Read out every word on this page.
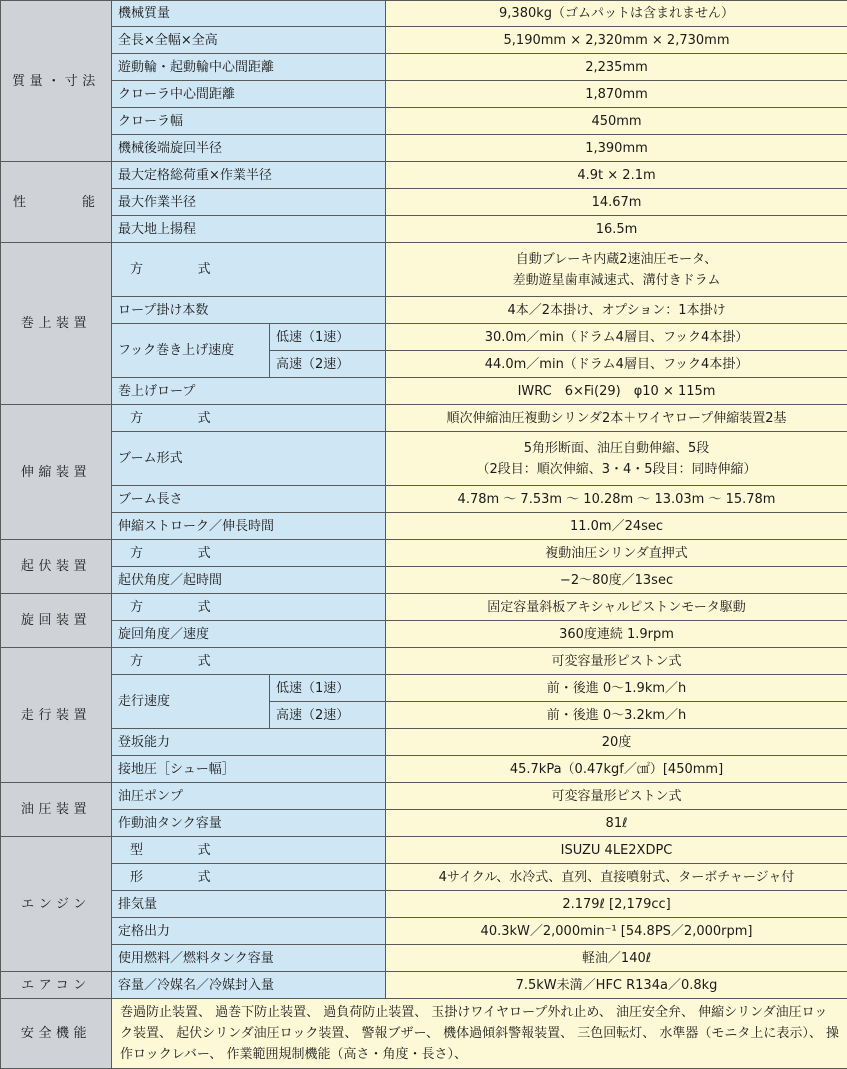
質量・寸法	機械質量		9,380kg（ゴムパットは含まれません）
	全長×全幅×全高		5,190mm × 2,320mm × 2,730mm
	遊動輪・起動輪中心間距離		2,235mm
	クローラ中心間距離		1,870mm
	クローラ幅		450mm
	機械後端旋回半径		1,390mm
性　能	最大定格総荷重×作業半径		4.9t × 2.1m
	最大作業半径		14.67m
	最大地上揚程		16.5m
巻上装置	方　式		自動ブレーキ内蔵2速油圧モータ、
差動遊星歯車減速式、溝付きドラム

	ロープ掛け本数		4本／2本掛け、オプション：1本掛け
	フック巻き上げ速度	低速（1速）	30.0m／min（ドラム4層目、フック4本掛）
		高速（2速）	44.0m／min（ドラム4層目、フック4本掛）
	巻上げロープ		IWRC　6×Fi(29)　φ10 × 115m
伸縮装置	方　式		順次伸縮油圧複動シリンダ2本＋ワイヤロープ伸縮装置2基
	ブーム形式		5角形断面、油圧自動伸縮、5段
（2段目：順次伸縮、3・4・5段目：同時伸縮）

	ブーム長さ		4.78m 〜 7.53m 〜 10.28m 〜 13.03m 〜 15.78m
	伸縮ストローク／伸長時間		11.0m／24sec
起伏装置	方　式		複動油圧シリンダ直押式
	起伏角度／起時間		−2〜80度／13sec
旋回装置	方　式		固定容量斜板アキシャルピストンモータ駆動
	旋回角度／速度		360度連続 1.9rpm
走行装置	方　式		可変容量形ピストン式
	走行速度	低速（1速）	前・後進 0〜1.9km／h
		高速（2速）	前・後進 0〜3.2km／h
	登坂能力		20度
	接地圧［シュー幅］		45.7kPa（0.47kgf／㎠）[450mm]
油圧装置	油圧ポンプ		可変容量形ピストン式
	作動油タンク容量		81ℓ
エンジン	型　式		ISUZU 4LE2XDPC
	形　式		4サイクル、水冷式、直列、直接噴射式、ターボチャージャ付
	排気量		2.179ℓ [2,179cc]
	定格出力		40.3kW／2,000min⁻¹ [54.8PS／2,000rpm]
	使用燃料／燃料タンク容量		軽油／140ℓ
エアコン	容量／冷媒名／冷媒封入量		7.5kW未満／HFC R134a／0.8kg
安全機能	巻過防止装置、 過巻下防止装置、 過負荷防止装置、 玉掛けワイヤロープ外れ止め、 油圧安全弁、 伸縮シリンダ油圧ロック装置、 起伏シリンダ油圧ロック装置、 警報ブザー、 機体過傾斜警報装置、 三色回転灯、 水準器（モニタ上に表示）、 操作ロックレバー、 作業範囲規制機能（高さ・角度・長さ）、		
